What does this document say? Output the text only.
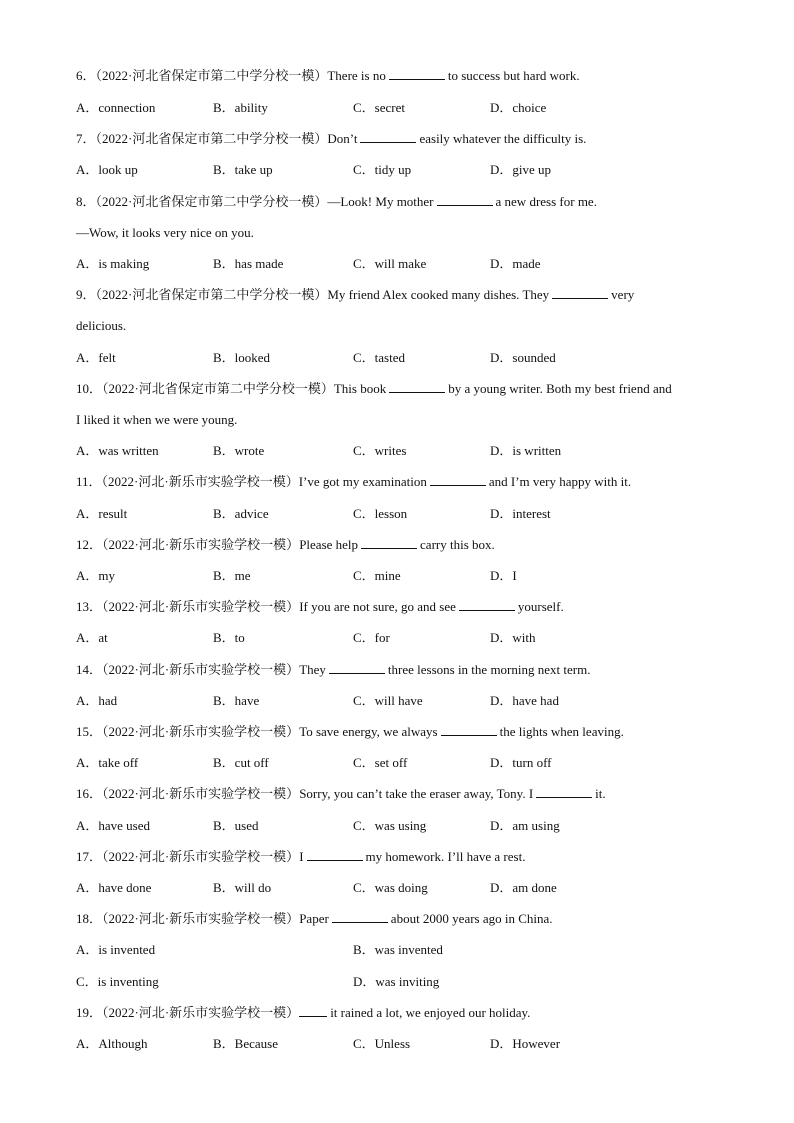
6．（2022·河北省保定市第二中学分校一模）There is no	to success but hard work.
A．connection	B．ability	C．secret	D．choice
7．（2022·河北省保定市第二中学分校一模）Don’t	easily whatever the difficulty is.
A．look up	B．take up	C．tidy up	D．give up
8．（2022·河北省保定市第二中学分校一模）—Look! My mother	a new dress for me.
—Wow, it looks very nice on you.
A．is making	B．has made	C．will make	D．made
9．（2022·河北省保定市第二中学分校一模）My friend Alex cooked many dishes. They	very
delicious.
A．felt	B．looked	C．tasted	D．sounded
10．（2022·河北省保定市第二中学分校一模）This book	by a young writer. Both my best friend and
I liked it when we were young.
A．was written	B．wrote	C．writes	D．is written
11．（2022·河北·新乐市实验学校一模）I’ve got my examination	and I’m very happy with it.
A．result	B．advice	C．lesson	D．interest
12．（2022·河北·新乐市实验学校一模）Please help	carry this box.
A．my	B．me	C．mine	D．I
13．（2022·河北·新乐市实验学校一模）If you are not sure, go and see	yourself.
A．at	B．to	C．for	D．with
14．（2022·河北·新乐市实验学校一模）They	three lessons in the morning next term.
A．had	B．have	C．will have	D．have had
15．（2022·河北·新乐市实验学校一模）To save energy, we always	the lights when leaving.
A．take off	B．cut off	C．set off	D．turn off
16．（2022·河北·新乐市实验学校一模）Sorry, you can’t take the eraser away, Tony. I	it.
A．have used	B．used	C．was using	D．am using
17．（2022·河北·新乐市实验学校一模）I	my homework. I’ll have a rest.
A．have done	B．will do	C．was doing	D．am done
18．（2022·河北·新乐市实验学校一模）Paper	about 2000 years ago in China.
A．is invented	B．was invented
C．is inventing	D．was inviting
19．（2022·河北·新乐市实验学校一模） it rained a lot, we enjoyed our holiday.
A．Although	B．Because	C．Unless	D．However
